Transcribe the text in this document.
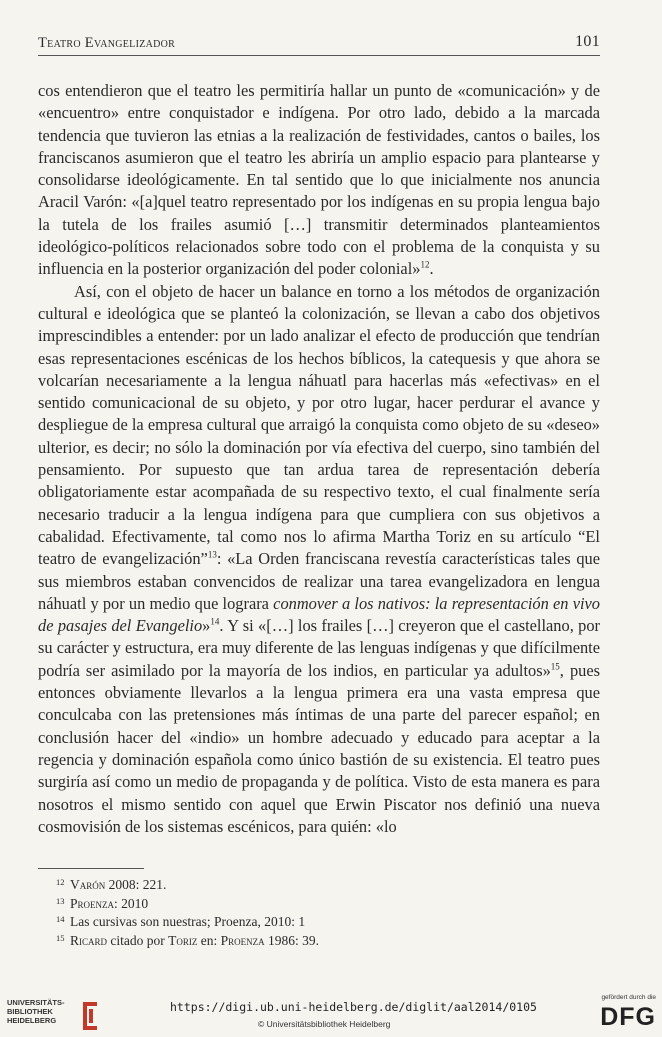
Teatro Evangelizador	101

cos entendieron que el teatro les permitiría hallar un punto de «comunicación» y de «encuentro» entre conquistador e indígena. Por otro lado, debido a la marcada tendencia que tuvieron las etnias a la realización de festividades, cantos o bailes, los franciscanos asumieron que el teatro les abriría un amplio espacio para plantearse y consolidarse ideológicamente. En tal sentido que lo que inicialmente nos anuncia Aracil Varón: «[a]quel teatro representado por los indígenas en su propia lengua bajo la tutela de los frailes asumió […] transmitir determinados planteamientos ideológico-políticos relacionados sobre todo con el problema de la conquista y su influencia en la posterior organización del poder colonial»$^{12}$.

Así, con el objeto de hacer un balance en torno a los métodos de organización cultural e ideológica que se planteó la colonización, se llevan a cabo dos objetivos imprescindibles a entender: por un lado analizar el efecto de producción que tendrían esas representaciones escénicas de los hechos bíblicos, la catequesis y que ahora se volcarían necesariamente a la lengua náhuatl para hacerlas más «efectivas» en el sentido comunicacional de su objeto, y por otro lugar, hacer perdurar el avance y despliegue de la empresa cultural que arraigó la conquista como objeto de su «deseo» ulterior, es decir; no sólo la dominación por vía efectiva del cuerpo, sino también del pensamiento. Por supuesto que tan ardua tarea de representación debería obligatoriamente estar acompañada de su respectivo texto, el cual finalmente sería necesario traducir a la lengua indígena para que cumpliera con sus objetivos a cabalidad. Efectivamente, tal como nos lo afirma Martha Toriz en su artículo “El teatro de evangelización”$^{13}$: «La Orden franciscana revestía características tales que sus miembros estaban convencidos de realizar una tarea evangelizadora en lengua náhuatl y por un medio que lograra conmover a los nativos: la representación en vivo de pasajes del Evangelio»$^{14}$. Y si «[…] los frailes […] creyeron que el castellano, por su carácter y estructura, era muy diferente de las lenguas indígenas y que difícilmente podría ser asimilado por la mayoría de los indios, en particular ya adultos»$^{15}$, pues entonces obviamente llevarlos a la lengua primera era una vasta empresa que conculcaba con las pretensiones más íntimas de una parte del parecer español; en conclusión hacer del «indio» un hombre adecuado y educado para aceptar a la regencia y dominación española como único bastión de su existencia. El teatro pues surgiría así como un medio de propaganda y de política. Visto de esta manera es para nosotros el mismo sentido con aquel que Erwin Piscator nos definió una nueva cosmovisión de los sistemas escénicos, para quién: «lo

12 Varón 2008: 221.
13 Proenza: 2010
14 Las cursivas son nuestras; Proenza, 2010: 1
15 Ricard citado por Toriz en: Proenza 1986: 39.
UNIVERSITÄTS-
BIBLIOTHEK
HEIDELBERG
https://digi.ub.uni-heidelberg.de/diglit/aal2014/0105
© Universitätsbibliothek Heidelberg
gefördert durch die
DFG
